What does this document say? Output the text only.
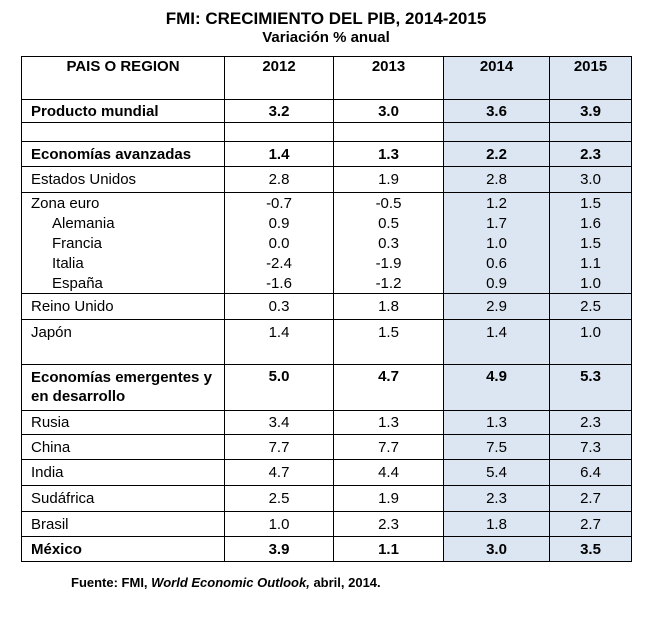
FMI: CRECIMIENTO DEL PIB, 2014-2015
Variación % anual
PAIS O REGION	2012	2013	2014	2015
Producto mundial	3.2	3.0	3.6	3.9

Economías avanzadas	1.4	1.3	2.2	2.3
Estados Unidos	2.8	1.9	2.8	3.0
Zona euro	-0.7	-0.5	1.2	1.5
Alemania	0.9	0.5	1.7	1.6
Francia	0.0	0.3	1.0	1.5
Italia	-2.4	-1.9	0.6	1.1
España	-1.6	-1.2	0.9	1.0
Reino Unido	0.3	1.8	2.9	2.5
Japón	1.4	1.5	1.4	1.0

Economías emergentes y en desarrollo	5.0	4.7	4.9	5.3
Rusia	3.4	1.3	1.3	2.3
China	7.7	7.7	7.5	7.3
India	4.7	4.4	5.4	6.4
Sudáfrica	2.5	1.9	2.3	2.7
Brasil	1.0	2.3	1.8	2.7
México	3.9	1.1	3.0	3.5
Fuente: FMI, World Economic Outlook, abril, 2014.
